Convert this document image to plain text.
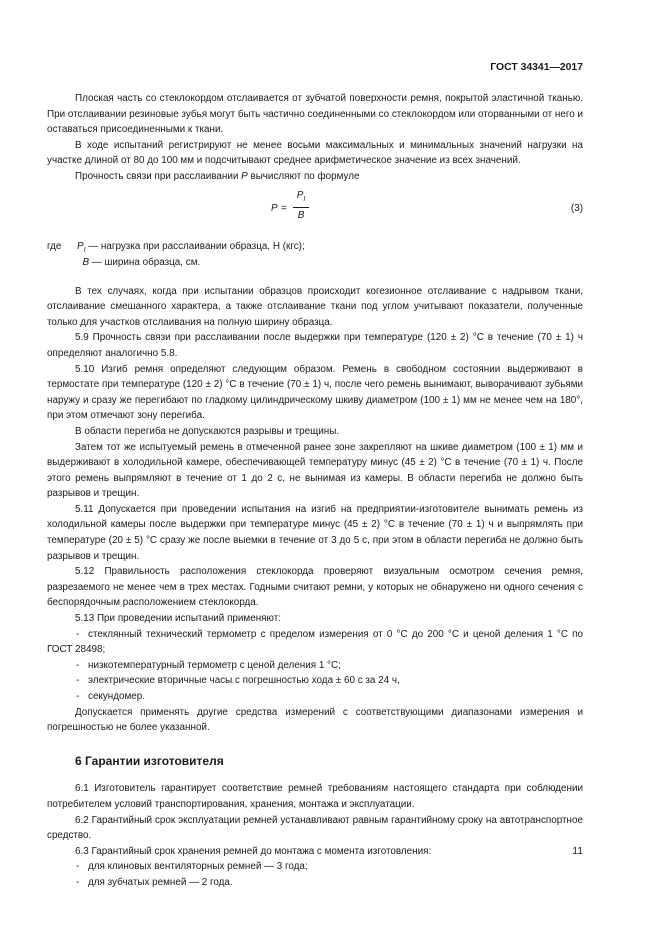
ГОСТ 34341—2017

Плоская часть со стеклокордом отслаивается от зубчатой поверхности ремня, покрытой эластичной тканью. При отслаивании резиновые зубья могут быть частично соединенными со стеклокордом или оторванными от него и оставаться присоединенными к ткани.

В ходе испытаний регистрируют не менее восьми максимальных и минимальных значений нагрузки на участке длиной от 80 до 100 мм и подсчитывают среднее арифметическое значение из всех значений.

Прочность связи при расслаивании P вычисляют по формуле

$P = \frac{P_I}{B}$	(3)
где $P_I$ — нагрузка при расслаивании образца, Н (кгс);
B — ширина образца, см.

В тех случаях, когда при испытании образцов происходит когезионное отслаивание с надрывом ткани, отслаивание смешанного характера, а также отслаивание ткани под углом учитывают показатели, полученные только для участков отслаивания на полную ширину образца.

5.9 Прочность связи при расслаивании после выдержки при температуре (120 ± 2) °С в течение (70 ± 1) ч определяют аналогично 5.8.

5.10 Изгиб ремня определяют следующим образом. Ремень в свободном состоянии выдерживают в термостате при температуре (120 ± 2) °С в течение (70 ± 1) ч, после чего ремень вынимают, выворачивают зубьями наружу и сразу же перегибают по гладкому цилиндрическому шкиву диаметром (100 ± 1) мм не менее чем на 180°, при этом отмечают зону перегиба.

В области перегиба не допускаются разрывы и трещины.

Затем тот же испытуемый ремень в отмеченной ранее зоне закрепляют на шкиве диаметром (100 ± 1) мм и выдерживают в холодильной камере, обеспечивающей температуру минус (45 ± 2) °С в течение (70 ± 1) ч. После этого ремень выпрямляют в течение от 1 до 2 с, не вынимая из камеры. В области перегиба не должно быть разрывов и трещин.

5.11 Допускается при проведении испытания на изгиб на предприятии-изготовителе вынимать ремень из холодильной камеры после выдержки при температуре минус (45 ± 2) °С в течение (70 ± 1) ч и выпрямлять при температуре (20 ± 5) °С сразу же после выемки в течение от 3 до 5 с, при этом в области перегиба не должно быть разрывов и трещин.

5.12 Правильность расположения стеклокорда проверяют визуальным осмотром сечения ремня, разрезаемого не менее чем в трех местах. Годными считают ремни, у которых не обнаружено ни одного сечения с беспорядочным расположением стеклокорда.

5.13 При проведении испытаний применяют:

- стеклянный технический термометр с пределом измерения от 0 °С до 200 °С и ценой деления 1 °С по ГОСТ 28498;

- низкотемпературный термометр с ценой деления 1 °С;

- электрические вторичные часы с погрешностью хода ± 60 с за 24 ч,

- секундомер.

Допускается применять другие средства измерений с соответствующими диапазонами измерения и погрешностью не более указанной.

6 Гарантии изготовителя

6.1 Изготовитель гарантирует соответствие ремней требованиям настоящего стандарта при соблюдении потребителем условий транспортирования, хранения, монтажа и эксплуатации.

6.2 Гарантийный срок эксплуатации ремней устанавливают равным гарантийному сроку на автотранспортное средство.

6.3 Гарантийный срок хранения ремней до монтажа с момента изготовления:

- для клиновых вентиляторных ремней — 3 года;

- для зубчатых ремней — 2 года.

11
